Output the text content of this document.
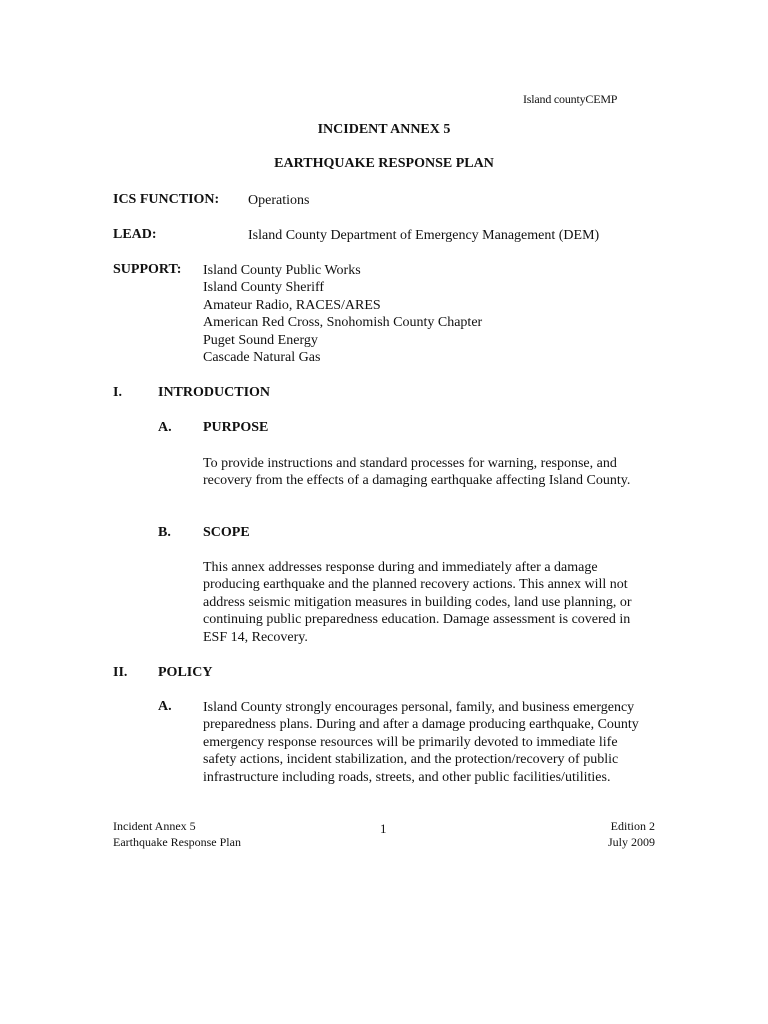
Island countyCEMP
INCIDENT ANNEX 5
EARTHQUAKE RESPONSE PLAN
ICS FUNCTION: Operations
LEAD:	Island County Department of Emergency Management (DEM)
SUPPORT: Island County Public Works
Island County Sheriff
Amateur Radio, RACES/ARES
American Red Cross, Snohomish County Chapter
Puget Sound Energy
Cascade Natural Gas
I.	INTRODUCTION
A. PURPOSE
To provide instructions and standard processes for warning, response, and recovery from the effects of a damaging earthquake affecting Island County.
B. SCOPE
This annex addresses response during and immediately after a damage producing earthquake and the planned recovery actions. This annex will not address seismic mitigation measures in building codes, land use planning, or continuing public preparedness education. Damage assessment is covered in ESF 14, Recovery.
II. POLICY
A. Island County strongly encourages personal, family, and business emergency preparedness plans. During and after a damage producing earthquake, County emergency response resources will be primarily devoted to immediate life safety actions, incident stabilization, and the protection/recovery of public infrastructure including roads, streets, and other public facilities/utilities.
Incident Annex 5
Earthquake Response Plan
1	Edition 2
July 2009
